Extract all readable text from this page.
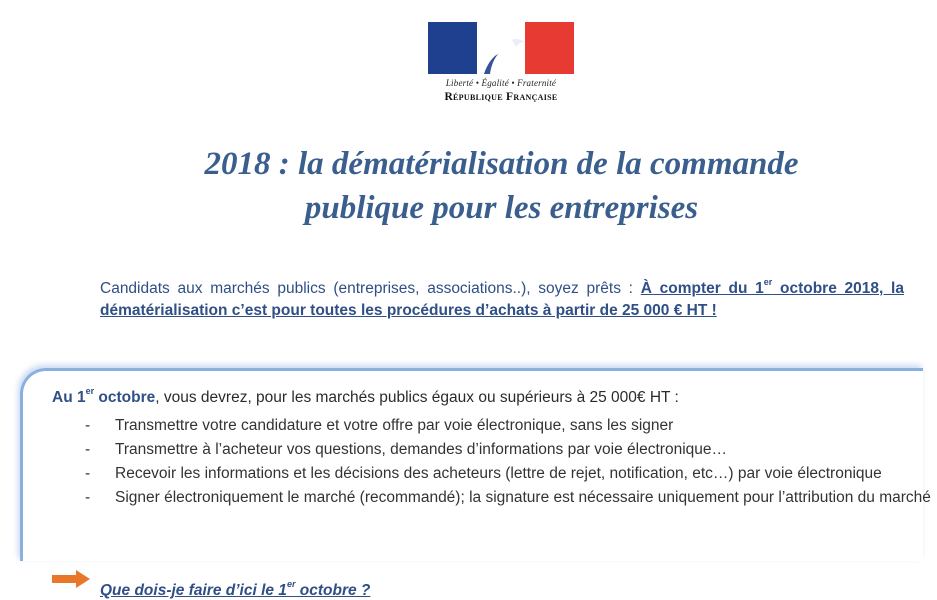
Liberté • Égalité • Fraternité
République Française
2018 : la dématérialisation de la commande
publique pour les entreprises
Candidats aux marchés publics (entreprises, associations..), soyez prêts : À compter du 1er octobre 2018, la dématérialisation c’est pour toutes les procédures d’achats à partir de 25 000 € HT !
Au 1er octobre, vous devrez, pour les marchés publics égaux ou supérieurs à 25 000€ HT :
- Transmettre votre candidature et votre offre par voie électronique, sans les signer
- Transmettre à l’acheteur vos questions, demandes d’informations par voie électronique…
- Recevoir les informations et les décisions des acheteurs (lettre de rejet, notification, etc…) par voie électronique
- Signer électroniquement le marché (recommandé); la signature est nécessaire uniquement pour l’attribution du marché
Que dois-je faire d’ici le 1er octobre ?
